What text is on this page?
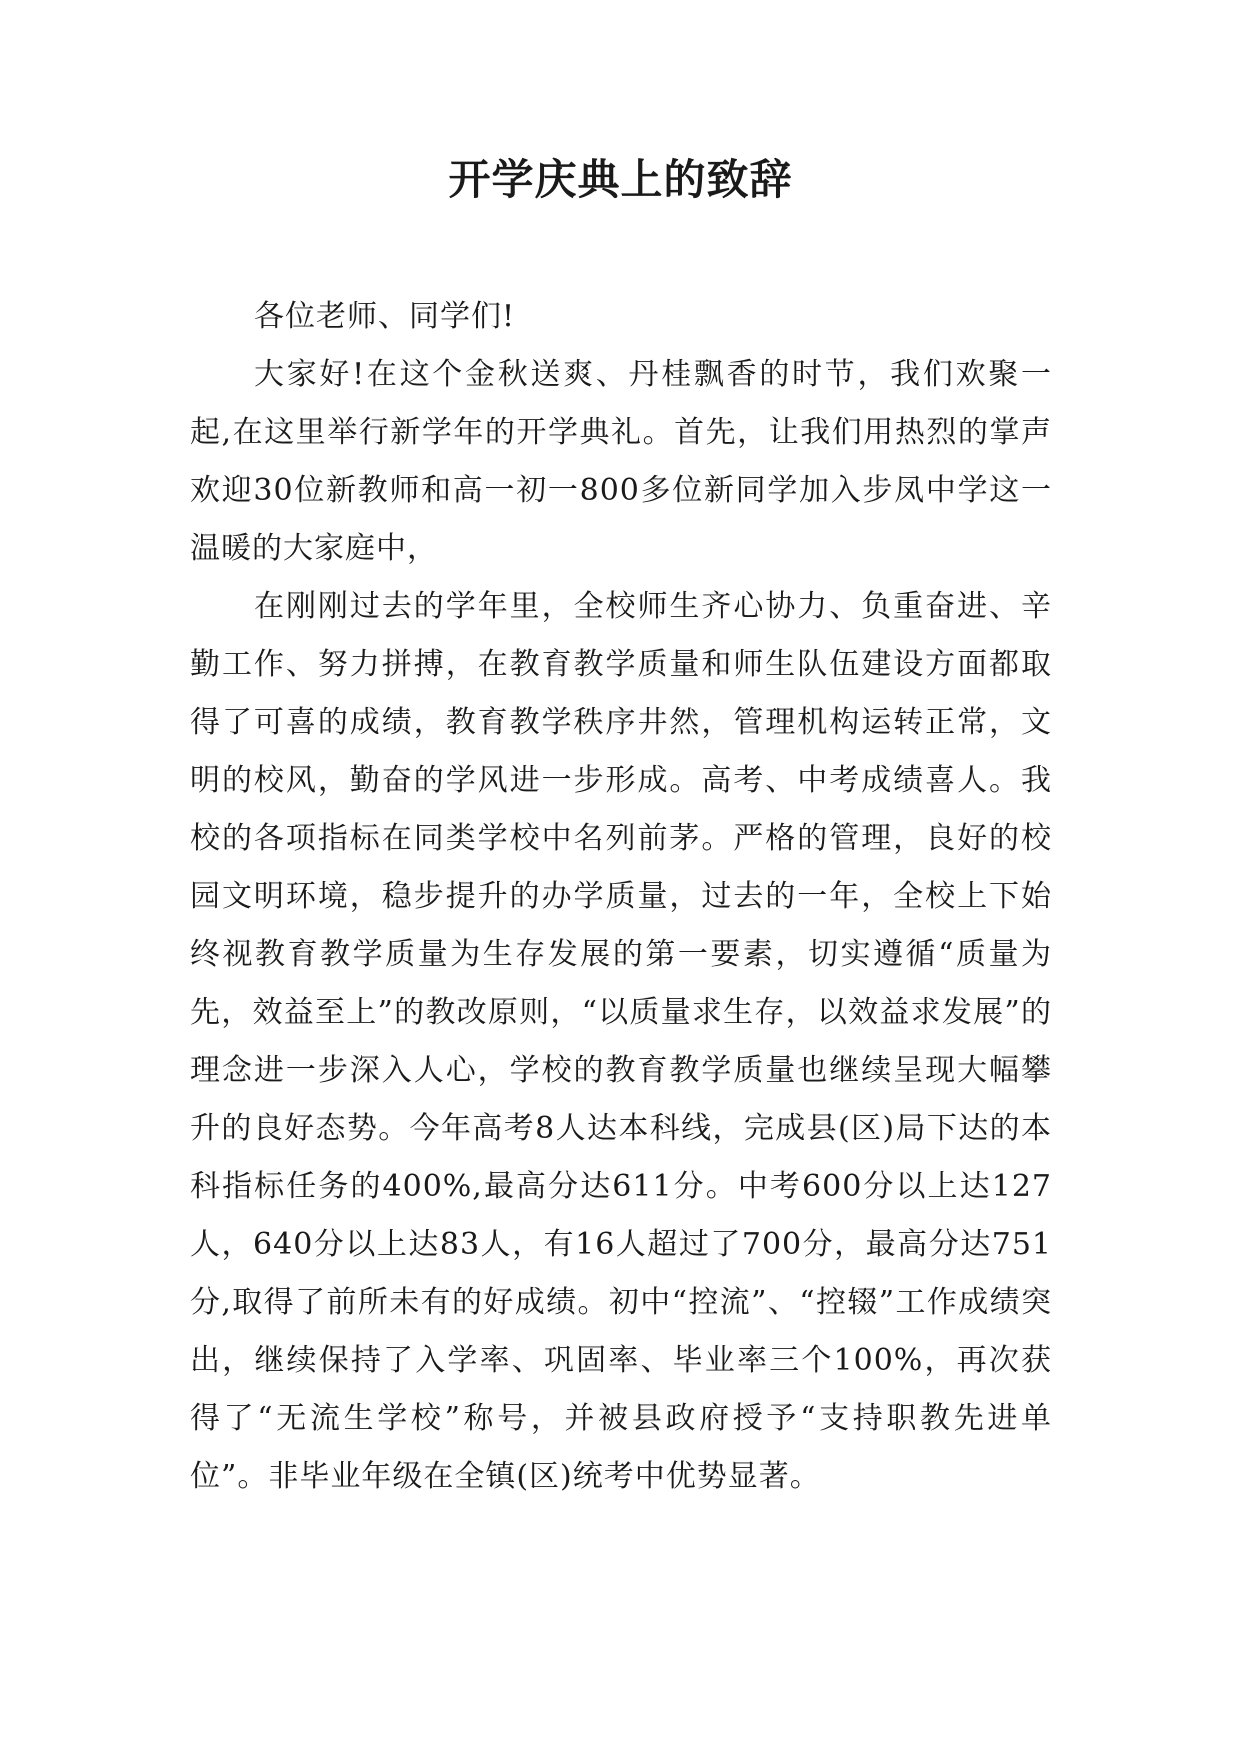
开学庆典上的致辞

各位老师、同学们!

大家好!在这个金秋送爽、丹桂飘香的时节，我们欢聚一起,在这里举行新学年的开学典礼。首先，让我们用热烈的掌声欢迎30位新教师和高一初一800多位新同学加入步凤中学这一温暖的大家庭中，

在刚刚过去的学年里，全校师生齐心协力、负重奋进、辛勤工作、努力拼搏，在教育教学质量和师生队伍建设方面都取得了可喜的成绩，教育教学秩序井然，管理机构运转正常，文明的校风，勤奋的学风进一步形成。高考、中考成绩喜人。我校的各项指标在同类学校中名列前茅。严格的管理，良好的校园文明环境，稳步提升的办学质量，过去的一年，全校上下始终视教育教学质量为生存发展的第一要素，切实遵循“质量为先，效益至上”的教改原则，“以质量求生存，以效益求发展”的理念进一步深入人心，学校的教育教学质量也继续呈现大幅攀升的良好态势。今年高考8人达本科线，完成县(区)局下达的本科指标任务的400%,最高分达611分。中考600分以上达127人，640分以上达83人，有16人超过了700分，最高分达751分,取得了前所未有的好成绩。初中“控流”、“控辍”工作成绩突出，继续保持了入学率、巩固率、毕业率三个100%，再次获得了“无流生学校”称号，并被县政府授予“支持职教先进单位”。非毕业年级在全镇(区)统考中优势显著。
